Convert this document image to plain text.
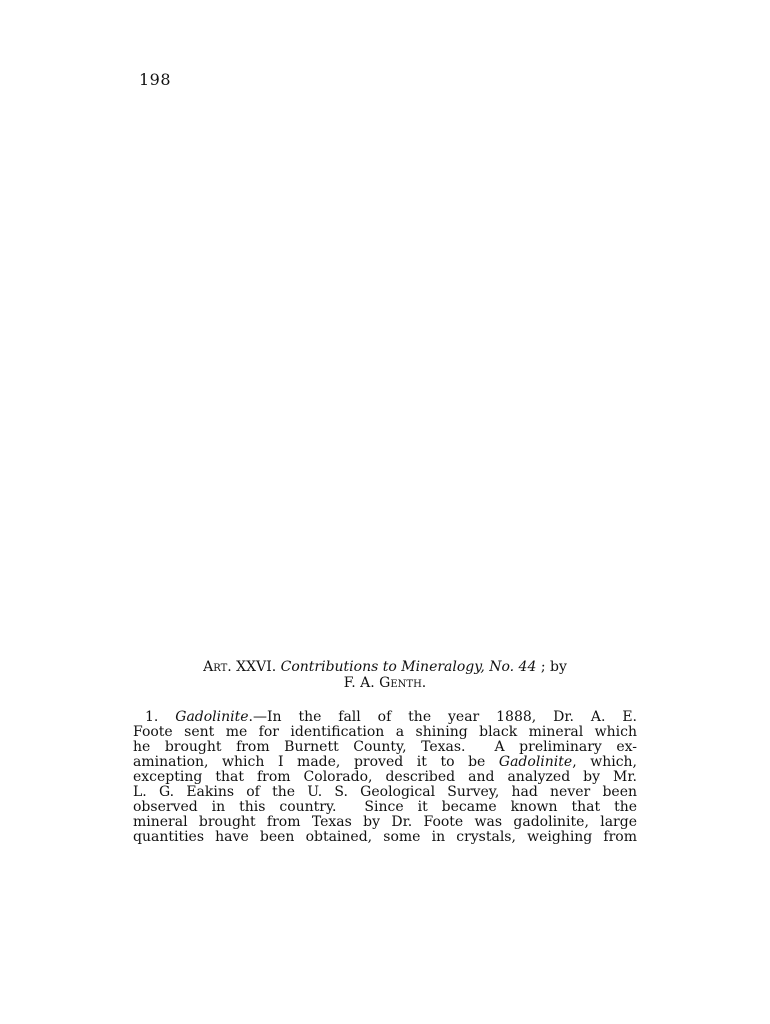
198
Art. XXVI. Contributions to Mineralogy, No. 44 ; by
F. A. Genth.
1. Gadolinite.—In the fall of the year 1888, Dr. A. E.
Foote sent me for identification a shining black mineral which
he brought from Burnett County, Texas.  A preliminary ex-
amination, which I made, proved it to be Gadolinite, which,
excepting that from Colorado, described and analyzed by Mr.
L. G. Eakins of the U. S. Geological Survey, had never been
observed in this country.  Since it became known that the
mineral brought from Texas by Dr. Foote was gadolinite, large
quantities have been obtained, some in crystals, weighing from
